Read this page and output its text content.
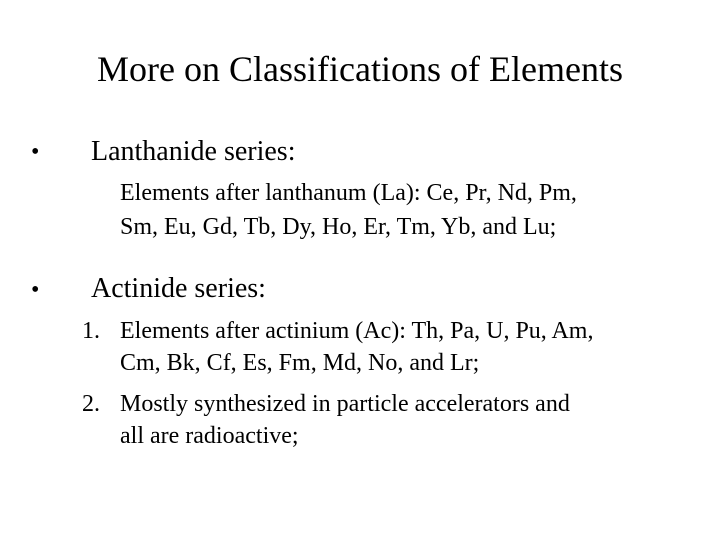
More on Classifications of Elements
• Lanthanide series:
Elements after lanthanum (La): Ce, Pr, Nd, Pm,
Sm, Eu, Gd, Tb, Dy, Ho, Er, Tm, Yb, and Lu;
• Actinide series:
1. Elements after actinium (Ac): Th, Pa, U, Pu, Am,
Cm, Bk, Cf, Es, Fm, Md, No, and Lr;
2. Mostly synthesized in particle accelerators and
all are radioactive;
